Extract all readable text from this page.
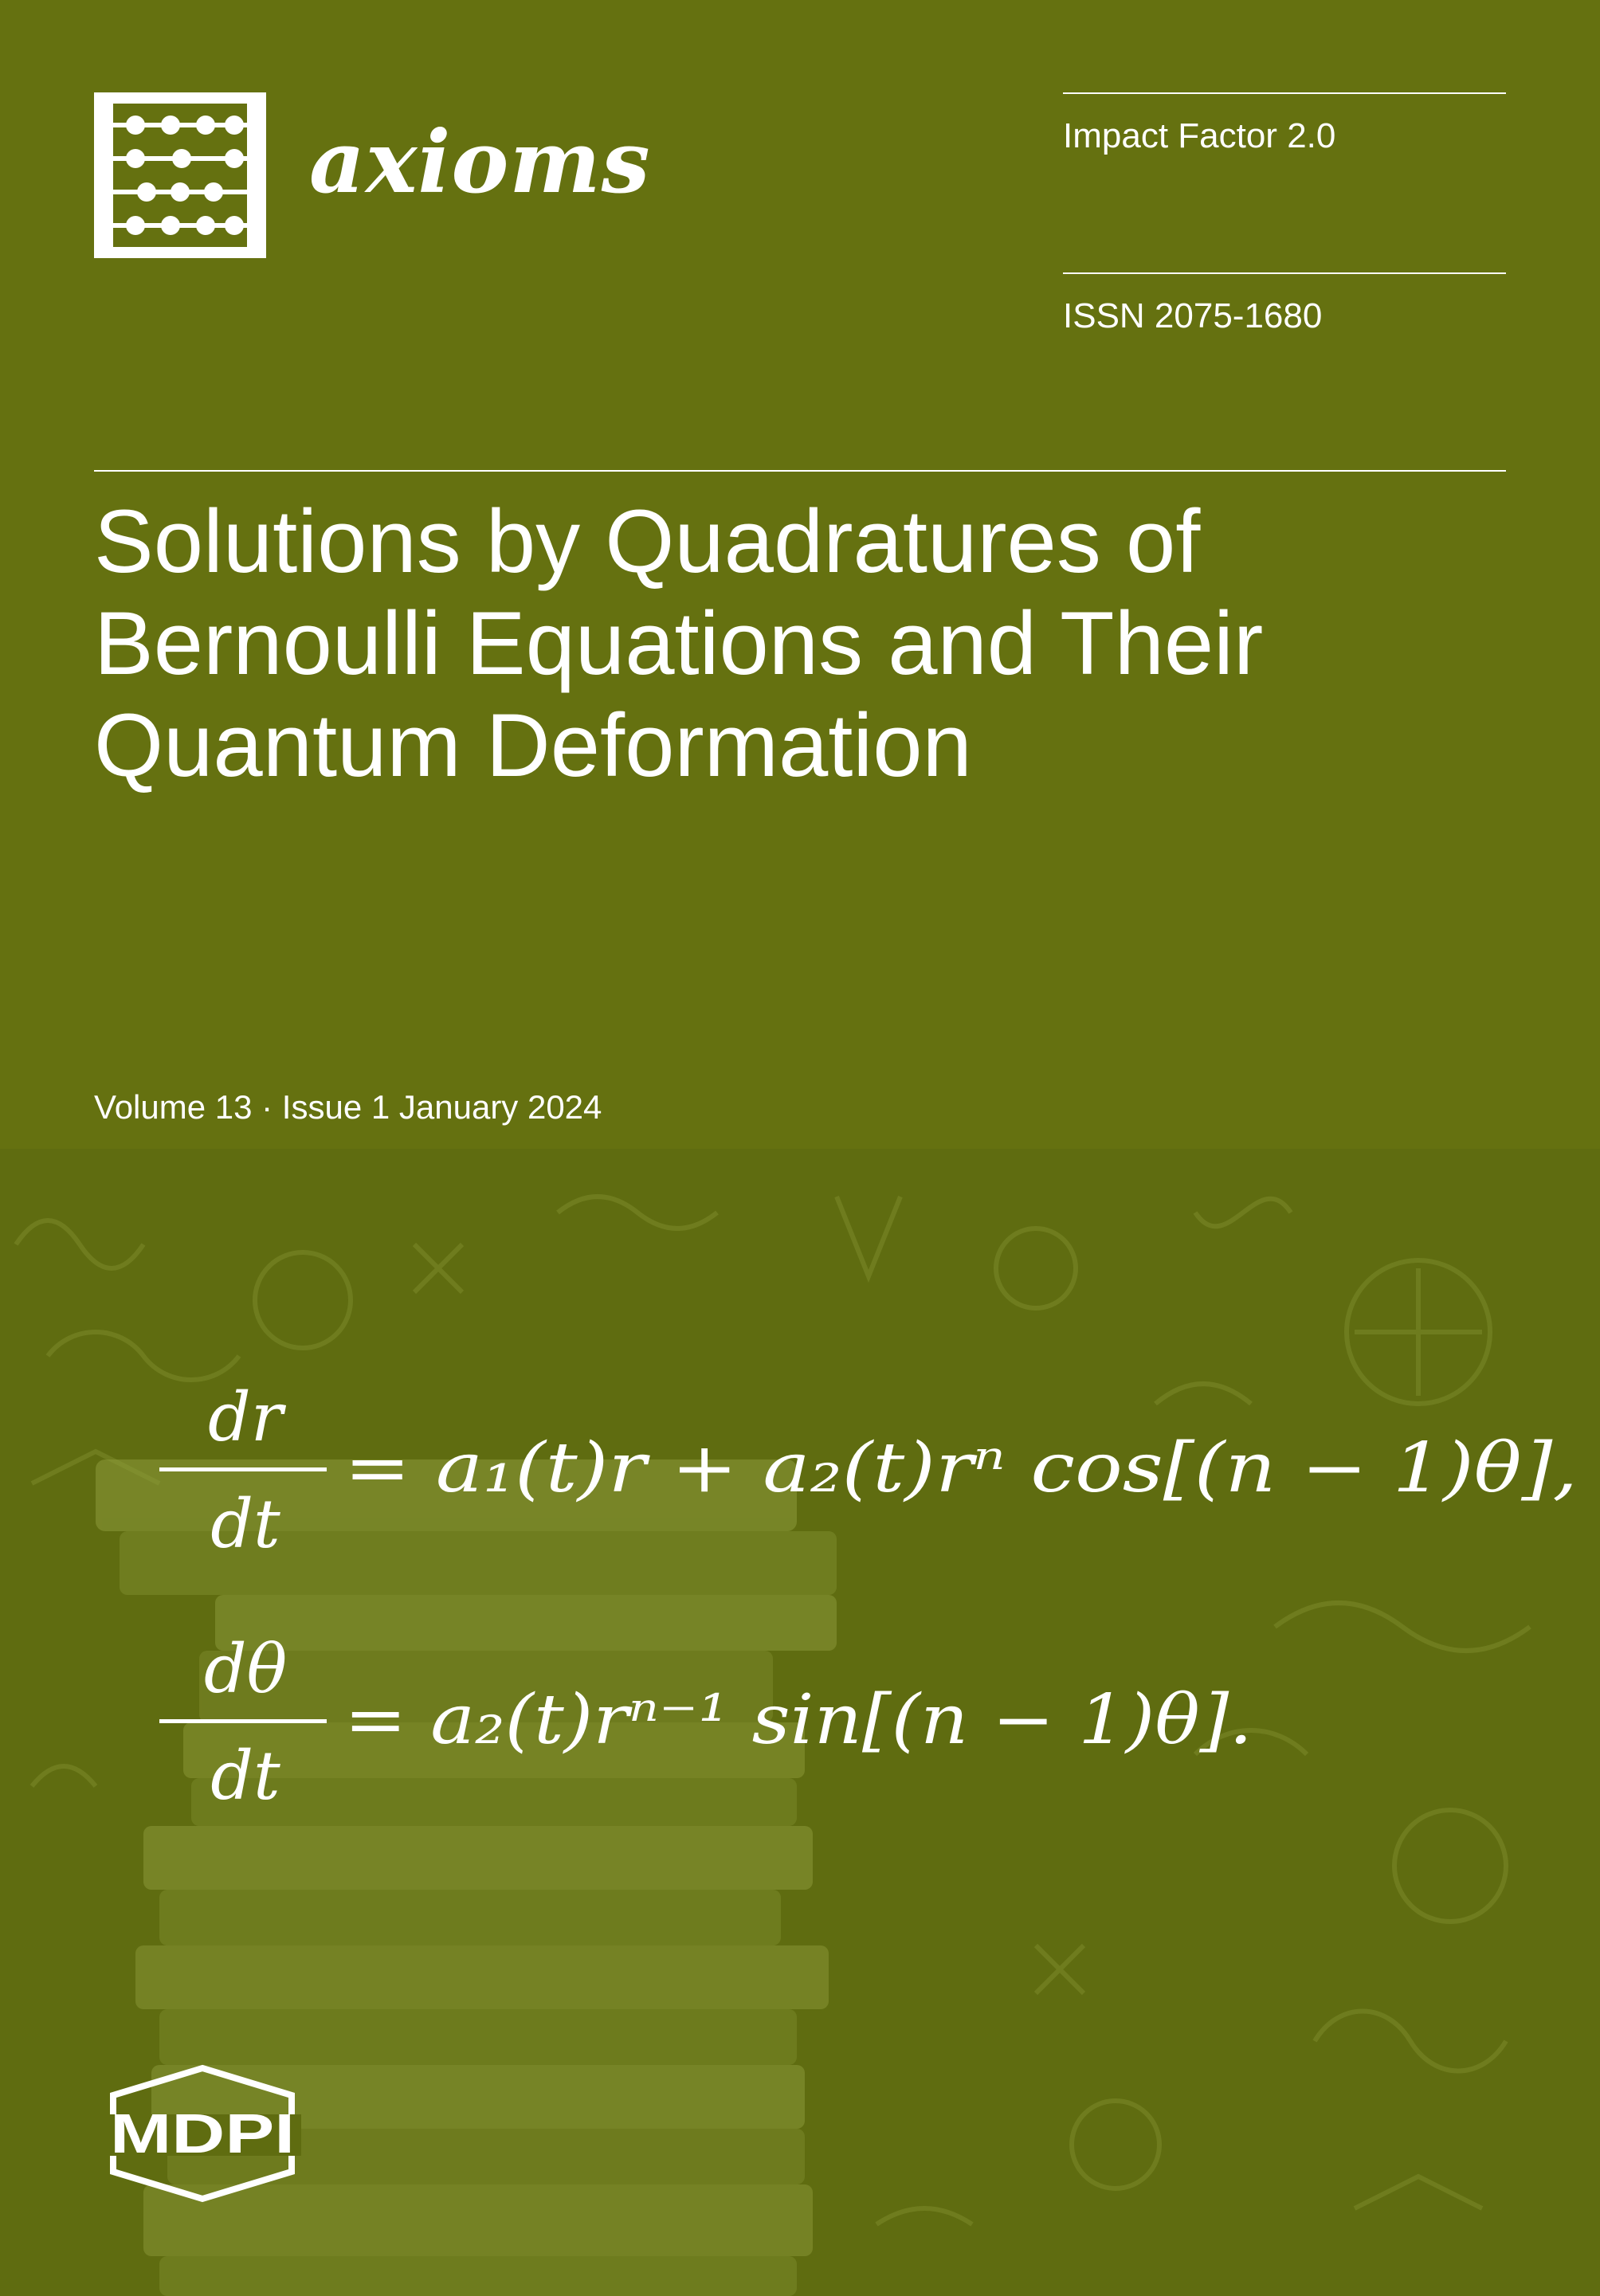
axioms	Impact Factor 2.0
ISSN 2075-1680
Solutions by Quadratures of
Bernoulli Equations and Their
Quantum Deformation
Volume 13 · Issue 1 January 2024
dr
dt
= a₁(t)r + a₂(t)rⁿ cos[(n − 1)θ],
dθ
dt
= a₂(t)rⁿ⁻¹ sin[(n − 1)θ].
MDPI
